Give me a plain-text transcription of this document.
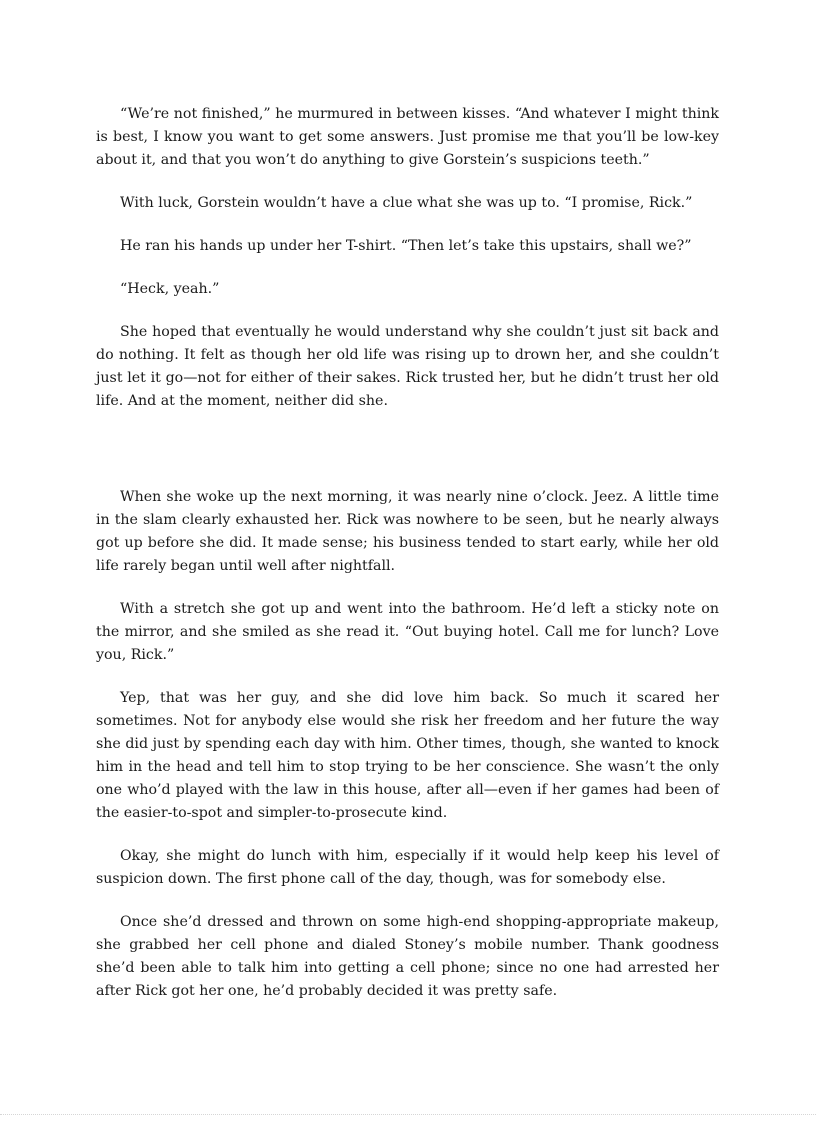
“We’re not finished,” he murmured in between kisses. “And whatever I might think is best, I know you want to get some answers. Just promise me that you’ll be low-key about it, and that you won’t do anything to give Gorstein’s suspicions teeth.”

With luck, Gorstein wouldn’t have a clue what she was up to. “I promise, Rick.”

He ran his hands up under her T-shirt. “Then let’s take this upstairs, shall we?”

“Heck, yeah.”

She hoped that eventually he would understand why she couldn’t just sit back and do nothing. It felt as though her old life was rising up to drown her, and she couldn’t just let it go—not for either of their sakes. Rick trusted her, but he didn’t trust her old life. And at the moment, neither did she.

When she woke up the next morning, it was nearly nine o’clock. Jeez. A little time in the slam clearly exhausted her. Rick was nowhere to be seen, but he nearly always got up before she did. It made sense; his business tended to start early, while her old life rarely began until well after nightfall.

With a stretch she got up and went into the bathroom. He’d left a sticky note on the mirror, and she smiled as she read it. “Out buying hotel. Call me for lunch? Love you, Rick.”

Yep, that was her guy, and she did love him back. So much it scared her sometimes. Not for anybody else would she risk her freedom and her future the way she did just by spending each day with him. Other times, though, she wanted to knock him in the head and tell him to stop trying to be her conscience. She wasn’t the only one who’d played with the law in this house, after all—even if her games had been of the easier-to-spot and simpler-to-prosecute kind.

Okay, she might do lunch with him, especially if it would help keep his level of suspicion down. The first phone call of the day, though, was for somebody else.

Once she’d dressed and thrown on some high-end shopping-appropriate makeup, she grabbed her cell phone and dialed Stoney’s mobile number. Thank goodness she’d been able to talk him into getting a cell phone; since no one had arrested her after Rick got her one, he’d probably decided it was pretty safe.
